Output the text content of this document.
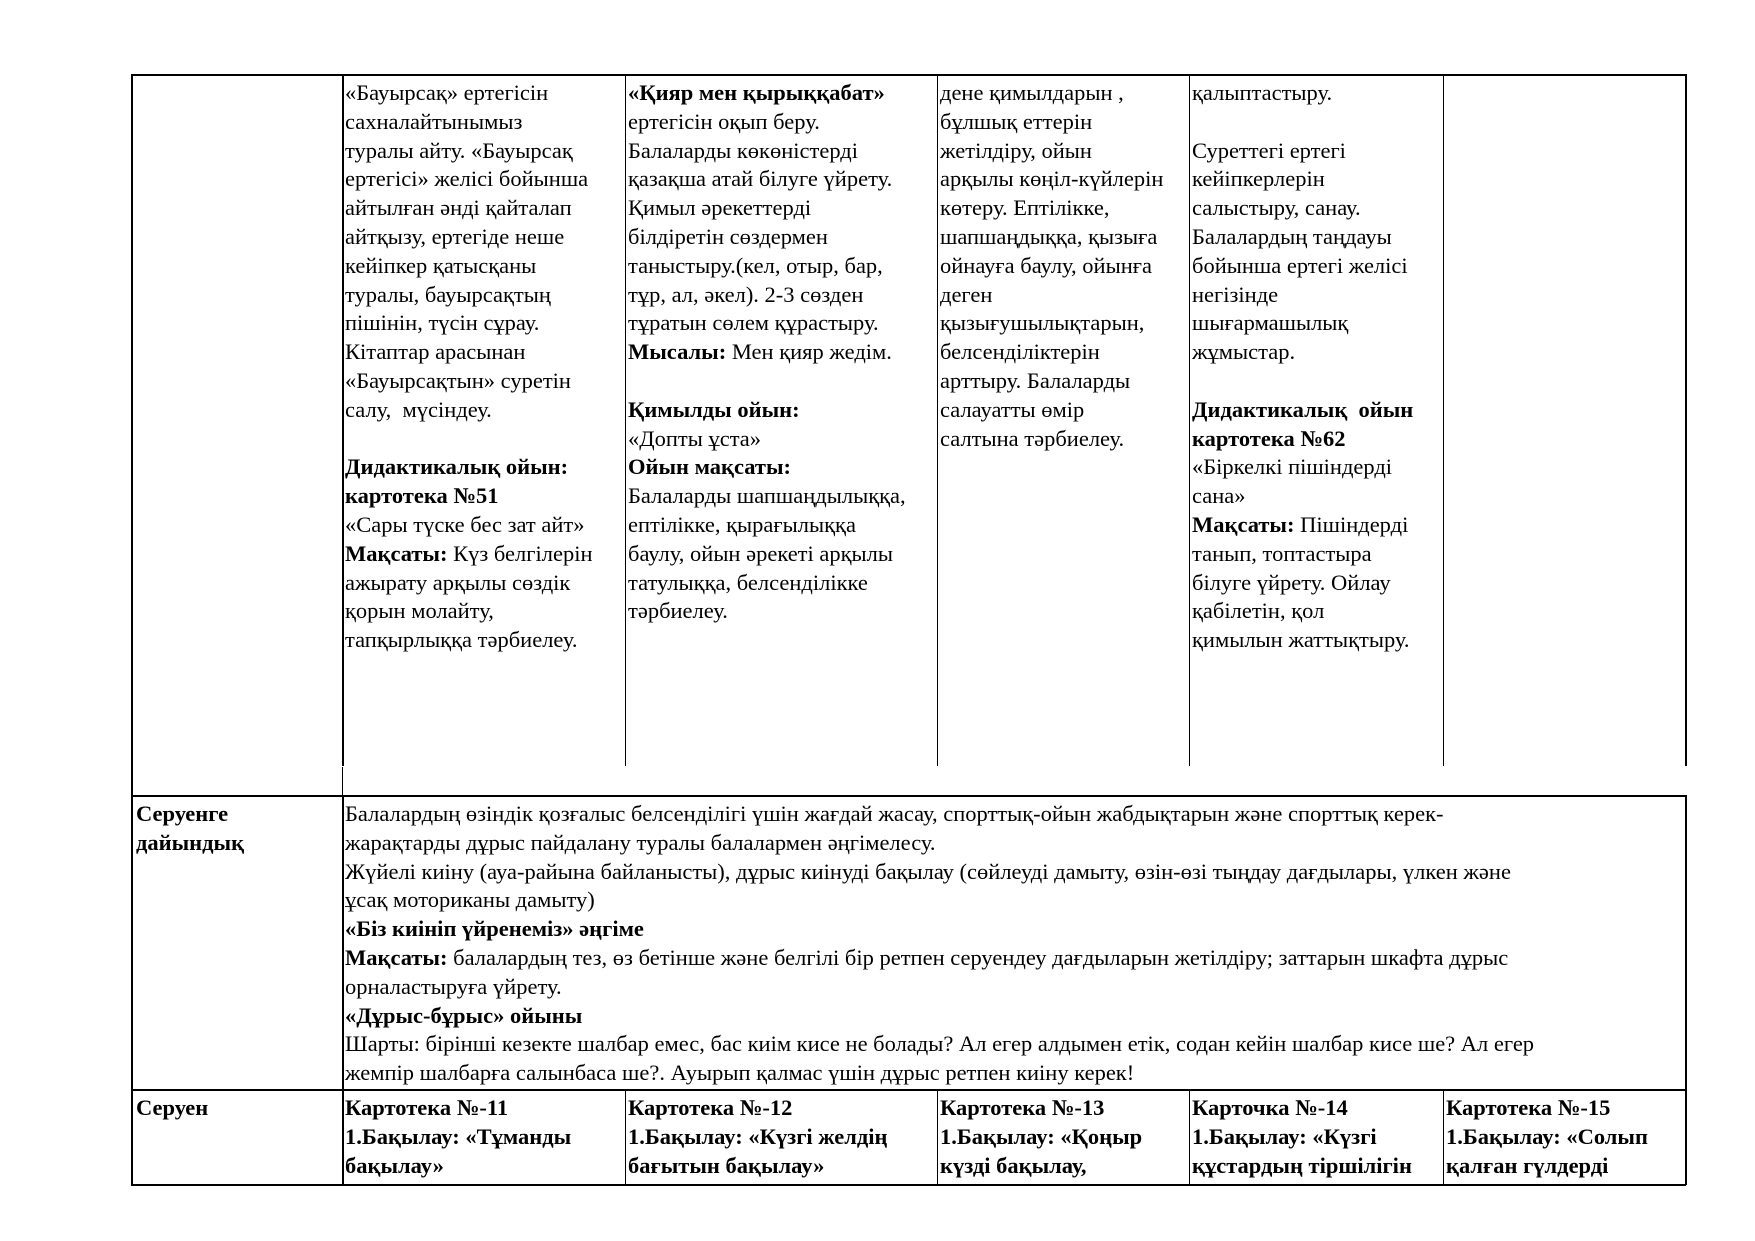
«Бауырсақ» ертегісін
сахналайтынымыз
туралы айту. «Бауырсақ
ертегісі» желісі бойынша
айтылған әнді қайталап
айтқызу, ертегіде неше
кейіпкер қатысқаны
туралы, бауырсақтың
пішінін, түсін сұрау.
Кітаптар арасынан
«Бауырсақтын» суретін
салу,  мүсіндеу.

Дидактикалық ойын:
картотека №51
«Сары түске бес зат айт»
Мақсаты: Күз белгілерін
ажырату арқылы сөздік
қорын молайту,
тапқырлыққа тәрбиелеу.
«Қияр мен қырыққабат»
ертегісін оқып беру.
Балаларды көкөністерді
қазақша атай білуге үйрету.
Қимыл әрекеттерді
білдіретін сөздермен
таныстыру.(кел, отыр, бар,
тұр, ал, әкел). 2-3 сөзден
тұратын сөлем құрастыру.
Мысалы: Мен қияр жедім.

Қимылды ойын:
«Допты ұста»
Ойын мақсаты:
Балаларды шапшаңдылыққа,
ептілікке, қырағылыққа
баулу, ойын әрекеті арқылы
татулыққа, белсенділікке
тәрбиелеу.
дене қимылдарын ,
бұлшық еттерін
жетілдіру, ойын
арқылы көңіл-күйлерін
көтеру. Ептілікке,
шапшаңдыққа, қызыға
ойнауға баулу, ойынға
деген
қызығушылықтарын,
белсенділіктерін
арттыру. Балаларды
салауатты өмір
салтына тәрбиелеу.
қалыптастыру.

Суреттегі ертегі
кейіпкерлерін
салыстыру, санау.
Балалардың таңдауы
бойынша ертегі желісі
негізінде
шығармашылық
жұмыстар.

Дидактикалық  ойын
картотека №62
«Біркелкі пішіндерді
сана»
Мақсаты: Пішіндерді
танып, топтастыра
білуге үйрету. Ойлау
қабілетін, қол
қимылын жаттықтыру.
Серуенге
дайындық
Балалардың өзіндік қозғалыс белсенділігі үшін жағдай жасау, спорттық-ойын жабдықтарын және спорттық керек-
жарақтарды дұрыс пайдалану туралы балалармен әңгімелесу.
Жүйелі киіну (ауа-райына байланысты), дұрыс киінуді бақылау (сөйлеуді дамыту, өзін-өзі тыңдау дағдылары, үлкен және
ұсақ моториканы дамыту)
«Біз киініп үйренеміз» әңгіме
Мақсаты: балалардың тез, өз бетінше және белгілі бір ретпен серуендеу дағдыларын жетілдіру; заттарын шкафта дұрыс
орналастыруға үйрету.
«Дұрыс-бұрыс» ойыны
Шарты: бірінші кезекте шалбар емес, бас киім кисе не болады? Ал егер алдымен етік, содан кейін шалбар кисе ше? Ал егер
жемпір шалбарға салынбаса ше?. Ауырып қалмас үшін дұрыс ретпен киіну керек!
Серуен	Картотека №-11
1.Бақылау: «Тұманды
бақылау»
Картотека №-12
1.Бақылау: «Күзгі желдің
бағытын бақылау»
Картотека №-13
1.Бақылау: «Қоңыр
күзді бақылау,
Карточка №-14
1.Бақылау: «Күзгі
құстардың тіршілігін
Картотека №-15
1.Бақылау: «Солып
қалған гүлдерді
